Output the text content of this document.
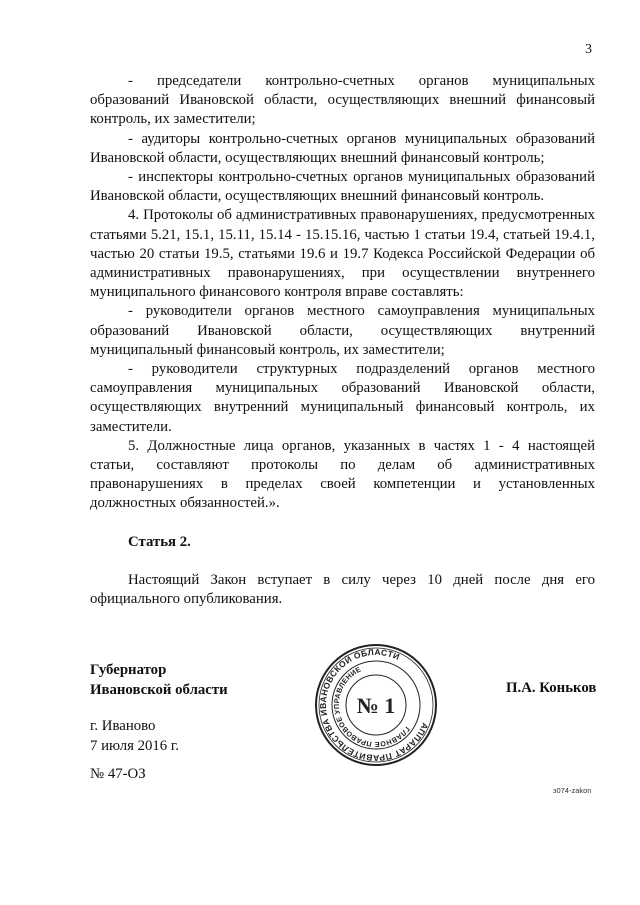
3

- председатели контрольно-счетных органов муниципальных образований Ивановской области, осуществляющих внешний финансовый контроль, их заместители;

- аудиторы контрольно-счетных органов муниципальных образований Ивановской области, осуществляющих внешний финансовый контроль;

- инспекторы контрольно-счетных органов муниципальных образований Ивановской области, осуществляющих внешний финансовый контроль.

4. Протоколы об административных правонарушениях, предусмотренных статьями 5.21, 15.1, 15.11, 15.14 - 15.15.16, частью 1 статьи 19.4, статьей 19.4.1, частью 20 статьи 19.5, статьями 19.6 и 19.7 Кодекса Российской Федерации об административных правонарушениях, при осуществлении внутреннего муниципального финансового контроля вправе составлять:

- руководители органов местного самоуправления муниципальных образований Ивановской области, осуществляющих внутренний муниципальный финансовый контроль, их заместители;

- руководители структурных подразделений органов местного самоуправления муниципальных образований Ивановской области, осуществляющих внутренний муниципальный финансовый контроль, их заместители.

5. Должностные лица органов, указанных в частях 1 - 4 настоящей статьи, составляют протоколы по делам об административных правонарушениях в пределах своей компетенции и установленных должностных обязанностей.».

Статья 2.

Настоящий Закон вступает в силу через 10 дней после дня его официального опубликования.

Губернатор
Ивановской области	П.А. Коньков
г. Иваново
7 июля 2016 г.
№ 47-ОЗ
АППАРАТ ПРАВИТЕЛЬСТВА ИВАНОВСКОЙ ОБЛАСТИ
ГЛАВНОЕ ПРАВОВОЕ УПРАВЛЕНИЕ
№ 1
з074-zakon
